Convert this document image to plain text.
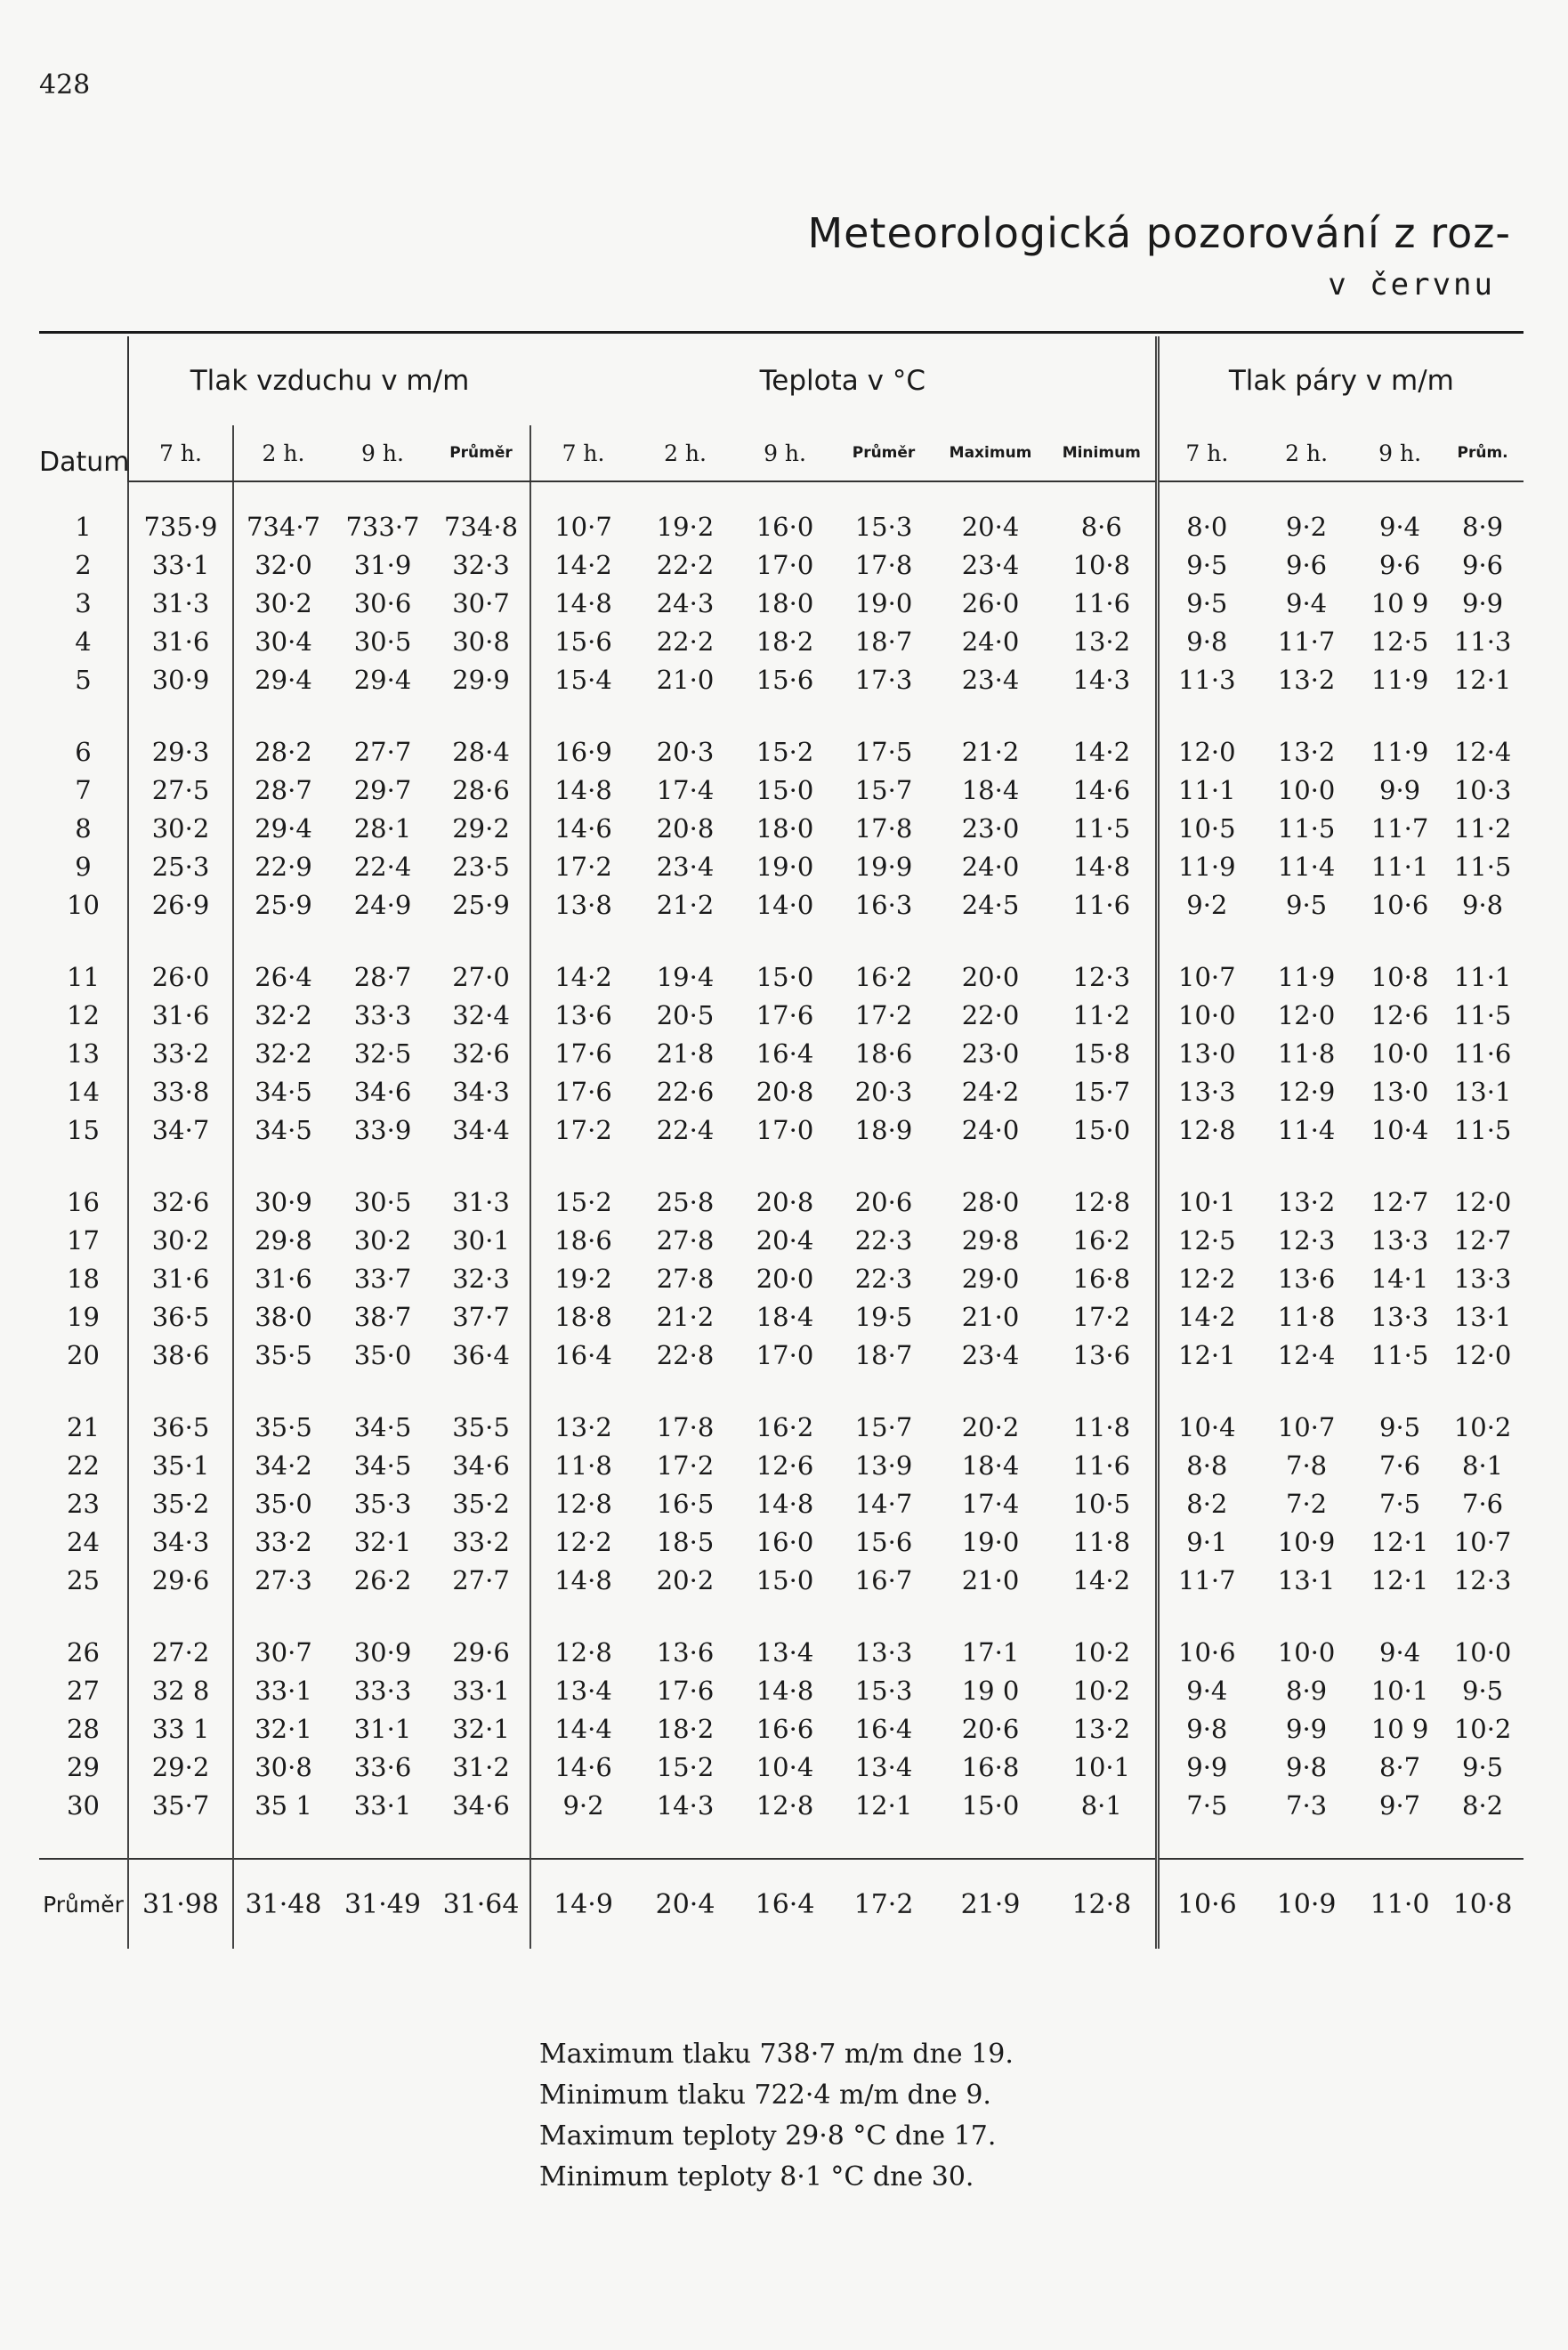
428
Meteorologická pozorování z roz-
v červnu
Datum	Tlak vzduchu v m/m				Teplota v °C						Tlak páry v m/m			
	7 h.	2 h.	9 h.	Průměr	7 h.	2 h.	9 h.	Průměr	Maximum	Minimum	7 h.	2 h.	9 h.	Prům.

1	735·9	734·7	733·7	734·8	10·7	19·2	16·0	15·3	20·4	8·6	8·0	9·2	9·4	8·9
2	33·1	32·0	31·9	32·3	14·2	22·2	17·0	17·8	23·4	10·8	9·5	9·6	9·6	9·6
3	31·3	30·2	30·6	30·7	14·8	24·3	18·0	19·0	26·0	11·6	9·5	9·4	10 9	9·9
4	31·6	30·4	30·5	30·8	15·6	22·2	18·2	18·7	24·0	13·2	9·8	11·7	12·5	11·3
5	30·9	29·4	29·4	29·9	15·4	21·0	15·6	17·3	23·4	14·3	11·3	13·2	11·9	12·1

6	29·3	28·2	27·7	28·4	16·9	20·3	15·2	17·5	21·2	14·2	12·0	13·2	11·9	12·4
7	27·5	28·7	29·7	28·6	14·8	17·4	15·0	15·7	18·4	14·6	11·1	10·0	9·9	10·3
8	30·2	29·4	28·1	29·2	14·6	20·8	18·0	17·8	23·0	11·5	10·5	11·5	11·7	11·2
9	25·3	22·9	22·4	23·5	17·2	23·4	19·0	19·9	24·0	14·8	11·9	11·4	11·1	11·5
10	26·9	25·9	24·9	25·9	13·8	21·2	14·0	16·3	24·5	11·6	9·2	9·5	10·6	9·8

11	26·0	26·4	28·7	27·0	14·2	19·4	15·0	16·2	20·0	12·3	10·7	11·9	10·8	11·1
12	31·6	32·2	33·3	32·4	13·6	20·5	17·6	17·2	22·0	11·2	10·0	12·0	12·6	11·5
13	33·2	32·2	32·5	32·6	17·6	21·8	16·4	18·6	23·0	15·8	13·0	11·8	10·0	11·6
14	33·8	34·5	34·6	34·3	17·6	22·6	20·8	20·3	24·2	15·7	13·3	12·9	13·0	13·1
15	34·7	34·5	33·9	34·4	17·2	22·4	17·0	18·9	24·0	15·0	12·8	11·4	10·4	11·5

16	32·6	30·9	30·5	31·3	15·2	25·8	20·8	20·6	28·0	12·8	10·1	13·2	12·7	12·0
17	30·2	29·8	30·2	30·1	18·6	27·8	20·4	22·3	29·8	16·2	12·5	12·3	13·3	12·7
18	31·6	31·6	33·7	32·3	19·2	27·8	20·0	22·3	29·0	16·8	12·2	13·6	14·1	13·3
19	36·5	38·0	38·7	37·7	18·8	21·2	18·4	19·5	21·0	17·2	14·2	11·8	13·3	13·1
20	38·6	35·5	35·0	36·4	16·4	22·8	17·0	18·7	23·4	13·6	12·1	12·4	11·5	12·0

21	36·5	35·5	34·5	35·5	13·2	17·8	16·2	15·7	20·2	11·8	10·4	10·7	9·5	10·2
22	35·1	34·2	34·5	34·6	11·8	17·2	12·6	13·9	18·4	11·6	8·8	7·8	7·6	8·1
23	35·2	35·0	35·3	35·2	12·8	16·5	14·8	14·7	17·4	10·5	8·2	7·2	7·5	7·6
24	34·3	33·2	32·1	33·2	12·2	18·5	16·0	15·6	19·0	11·8	9·1	10·9	12·1	10·7
25	29·6	27·3	26·2	27·7	14·8	20·2	15·0	16·7	21·0	14·2	11·7	13·1	12·1	12·3

26	27·2	30·7	30·9	29·6	12·8	13·6	13·4	13·3	17·1	10·2	10·6	10·0	9·4	10·0
27	32 8	33·1	33·3	33·1	13·4	17·6	14·8	15·3	19 0	10·2	9·4	8·9	10·1	9·5
28	33 1	32·1	31·1	32·1	14·4	18·2	16·6	16·4	20·6	13·2	9·8	9·9	10 9	10·2
29	29·2	30·8	33·6	31·2	14·6	15·2	10·4	13·4	16·8	10·1	9·9	9·8	8·7	9·5
30	35·7	35 1	33·1	34·6	9·2	14·3	12·8	12·1	15·0	8·1	7·5	7·3	9·7	8·2

Průměr	31·98	31·48	31·49	31·64	14·9	20·4	16·4	17·2	21·9	12·8	10·6	10·9	11·0	10·8
Maximum tlaku 738·7 m/m dne 19.
Minimum tlaku 722·4 m/m dne 9.
Maximum teploty 29·8 °C dne 17.
Minimum teploty 8·1 °C dne 30.
